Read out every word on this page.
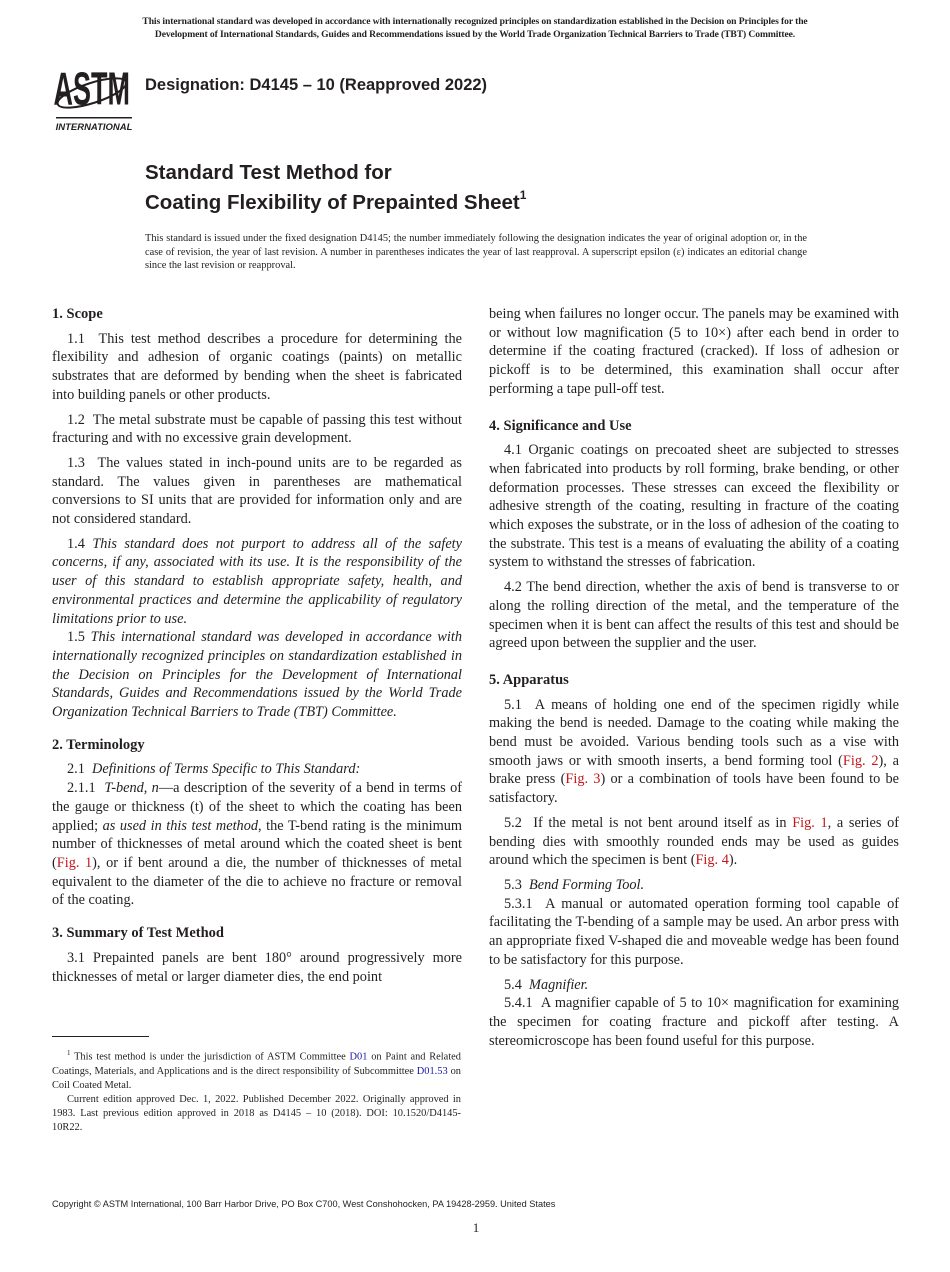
This international standard was developed in accordance with internationally recognized principles on standardization established in the Decision on Principles for the
Development of International Standards, Guides and Recommendations issued by the World Trade Organization Technical Barriers to Trade (TBT) Committee.
ASTM
INTERNATIONAL
Designation: D4145 – 10 (Reapproved 2022)
Standard Test Method for
Coating Flexibility of Prepainted Sheet$^1$
This standard is issued under the fixed designation D4145; the number immediately following the designation indicates the year of original adoption or, in the case of revision, the year of last revision. A number in parentheses indicates the year of last reapproval. A superscript epsilon (ε) indicates an editorial change since the last revision or reapproval.
1. Scope

1.1 This test method describes a procedure for determining the flexibility and adhesion of organic coatings (paints) on metallic substrates that are deformed by bending when the sheet is fabricated into building panels or other products.

1.2 The metal substrate must be capable of passing this test without fracturing and with no excessive grain development.

1.3 The values stated in inch-pound units are to be regarded as standard. The values given in parentheses are mathematical conversions to SI units that are provided for information only and are not considered standard.

1.4 This standard does not purport to address all of the safety concerns, if any, associated with its use. It is the responsibility of the user of this standard to establish appropriate safety, health, and environmental practices and determine the applicability of regulatory limitations prior to use.

1.5 This international standard was developed in accordance with internationally recognized principles on standardization established in the Decision on Principles for the Development of International Standards, Guides and Recommendations issued by the World Trade Organization Technical Barriers to Trade (TBT) Committee.

2. Terminology

2.1 Definitions of Terms Specific to This Standard:

2.1.1 T-bend, n—a description of the severity of a bend in terms of the gauge or thickness (t) of the sheet to which the coating has been applied; as used in this test method, the T-bend rating is the minimum number of thicknesses of metal around which the coated sheet is bent (Fig. 1), or if bent around a die, the number of thicknesses of metal equivalent to the diameter of the die to achieve no fracture or removal of the coating.

3. Summary of Test Method

3.1 Prepainted panels are bent 180° around progressively more thicknesses of metal or larger diameter dies, the end point

$^1$ This test method is under the jurisdiction of ASTM Committee D01 on Paint and Related Coatings, Materials, and Applications and is the direct responsibility of Subcommittee D01.53 on Coil Coated Metal.

Current edition approved Dec. 1, 2022. Published December 2022. Originally approved in 1983. Last previous edition approved in 2018 as D4145 – 10 (2018). DOI: 10.1520/D4145-10R22.

being when failures no longer occur. The panels may be examined with or without low magnification (5 to 10×) after each bend in order to determine if the coating fractured (cracked). If loss of adhesion or pickoff is to be determined, this examination shall occur after performing a tape pull-off test.

4. Significance and Use

4.1 Organic coatings on precoated sheet are subjected to stresses when fabricated into products by roll forming, brake bending, or other deformation processes. These stresses can exceed the flexibility or adhesive strength of the coating, resulting in fracture of the coating which exposes the substrate, or in the loss of adhesion of the coating to the substrate. This test is a means of evaluating the ability of a coating system to withstand the stresses of fabrication.

4.2 The bend direction, whether the axis of bend is transverse to or along the rolling direction of the metal, and the temperature of the specimen when it is bent can affect the results of this test and should be agreed upon between the supplier and the user.

5. Apparatus

5.1 A means of holding one end of the specimen rigidly while making the bend is needed. Damage to the coating while making the bend must be avoided. Various bending tools such as a vise with smooth jaws or with smooth inserts, a bend forming tool (Fig. 2), a brake press (Fig. 3) or a combination of tools have been found to be satisfactory.

5.2 If the metal is not bent around itself as in Fig. 1, a series of bending dies with smoothly rounded ends may be used as guides around which the specimen is bent (Fig. 4).

5.3 Bend Forming Tool.

5.3.1 A manual or automated operation forming tool capable of facilitating the T-bending of a sample may be used. An arbor press with an appropriate fixed V-shaped die and moveable wedge has been found to be satisfactory for this purpose.

5.4 Magnifier.

5.4.1 A magnifier capable of 5 to 10× magnification for examining the specimen for coating fracture and pickoff after testing. A stereomicroscope has been found useful for this purpose.

Copyright © ASTM International, 100 Barr Harbor Drive, PO Box C700, West Conshohocken, PA 19428-2959. United States
1
